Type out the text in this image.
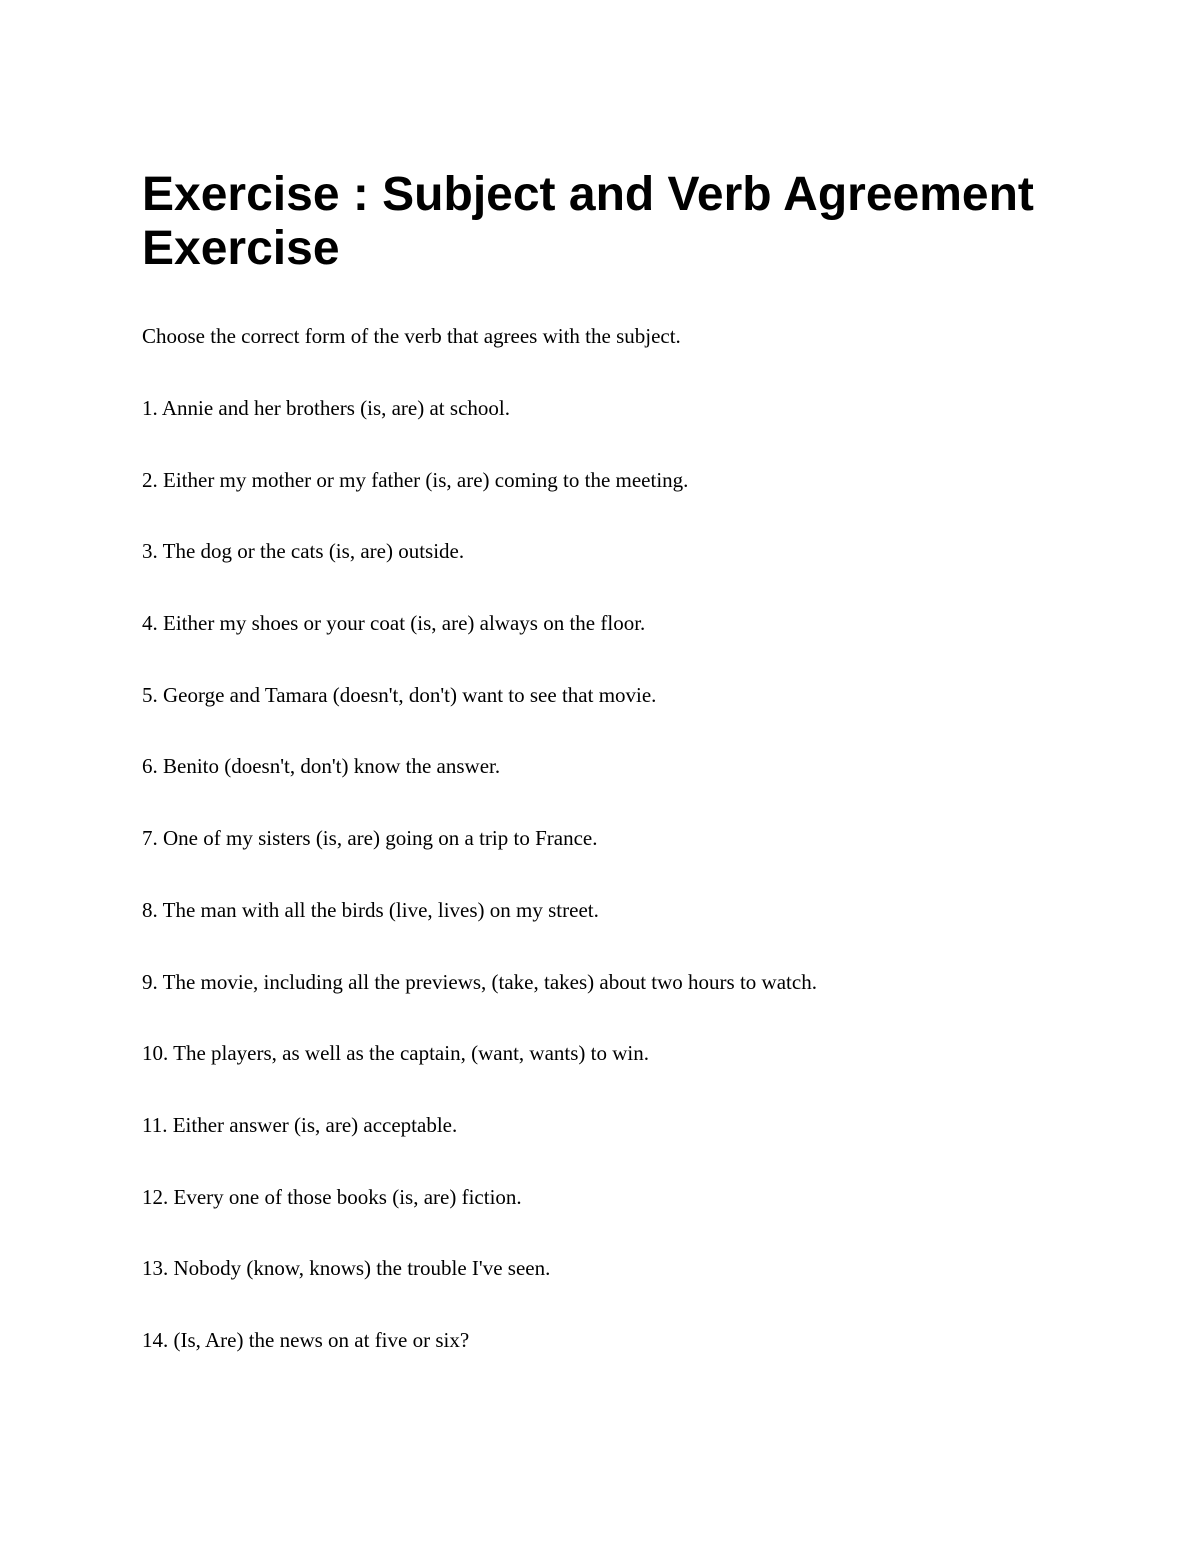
Exercise : Subject and Verb Agreement Exercise

Choose the correct form of the verb that agrees with the subject.

1. Annie and her brothers (is, are) at school.
2. Either my mother or my father (is, are) coming to the meeting.
3. The dog or the cats (is, are) outside.
4. Either my shoes or your coat (is, are) always on the floor.
5. George and Tamara (doesn't, don't) want to see that movie.
6. Benito (doesn't, don't) know the answer.
7. One of my sisters (is, are) going on a trip to France.
8. The man with all the birds (live, lives) on my street.
9. The movie, including all the previews, (take, takes) about two hours to watch.
10. The players, as well as the captain, (want, wants) to win.
11. Either answer (is, are) acceptable.
12. Every one of those books (is, are) fiction.
13. Nobody (know, knows) the trouble I've seen.
14. (Is, Are) the news on at five or six?
